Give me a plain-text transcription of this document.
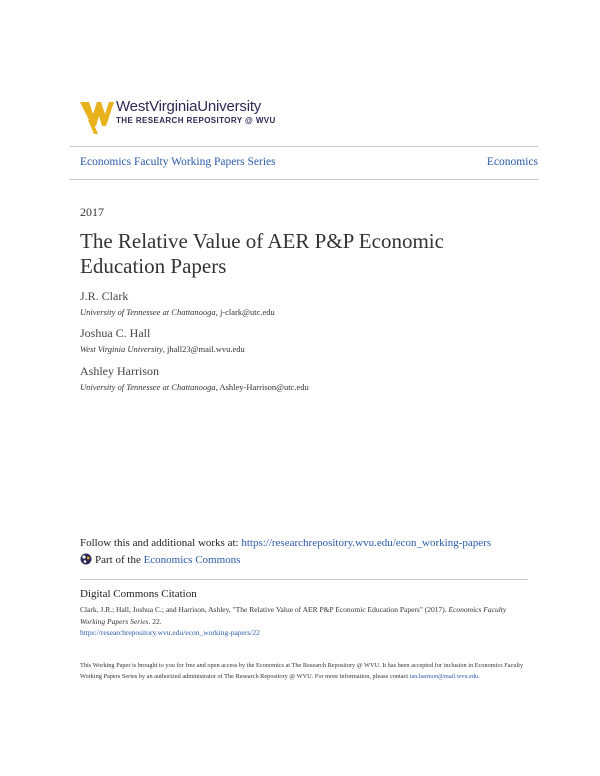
WestVirginiaUniversity
THE RESEARCH REPOSITORY @ WVU
Economics Faculty Working Papers Series	Economics
2017
The Relative Value of AER P&P Economic Education Papers
J.R. Clark
University of Tennessee at Chattanooga, j-clark@utc.edu
Joshua C. Hall
West Virginia University, jhall23@mail.wvu.edu
Ashley Harrison
University of Tennessee at Chattanooga, Ashley-Harrison@utc.edu
Follow this and additional works at: https://researchrepository.wvu.edu/econ_working-papers
Part of the Economics Commons
Digital Commons Citation
Clark, J.R.; Hall, Joshua C.; and Harrison, Ashley, "The Relative Value of AER P&P Economic Education Papers" (2017). Economics Faculty Working Papers Series. 22.
https://researchrepository.wvu.edu/econ_working-papers/22
This Working Paper is brought to you for free and open access by the Economics at The Research Repository @ WVU. It has been accepted for inclusion in Economics Faculty Working Papers Series by an authorized administrator of The Research Repository @ WVU. For more information, please contact ian.harmon@mail.wvu.edu.
